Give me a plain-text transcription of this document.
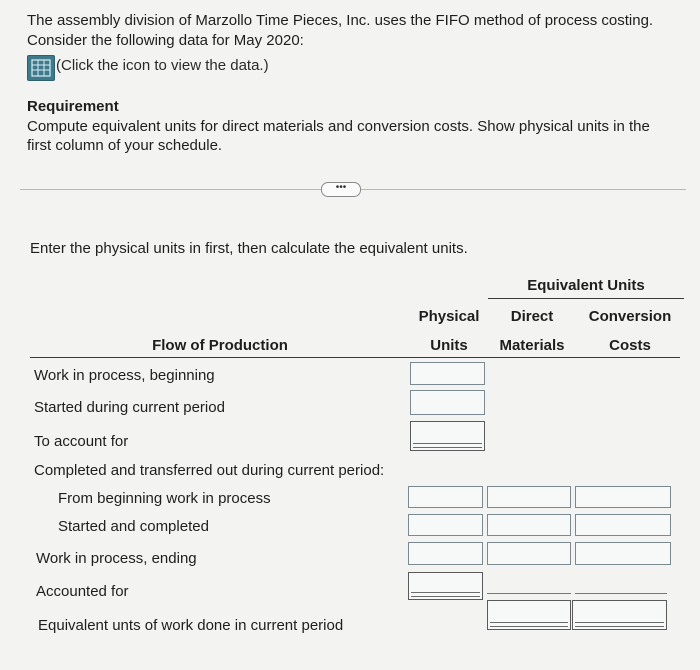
The assembly division of Marzollo Time Pieces, Inc. uses the FIFO method of process costing.
Consider the following data for May 2020:
(Click the icon to view the data.)
Requirement
Compute equivalent units for direct materials and conversion costs. Show physical units in the
first column of your schedule.
•••
Enter the physical units in first, then calculate the equivalent units.
Equivalent Units
Physical
Units
Direct
Materials
Conversion
Costs
Flow of Production
Work in process, beginning
Started during current period
To account for
Completed and transferred out during current period:
From beginning work in process
Started and completed
Work in process, ending
Accounted for
Equivalent unts of work done in current period
